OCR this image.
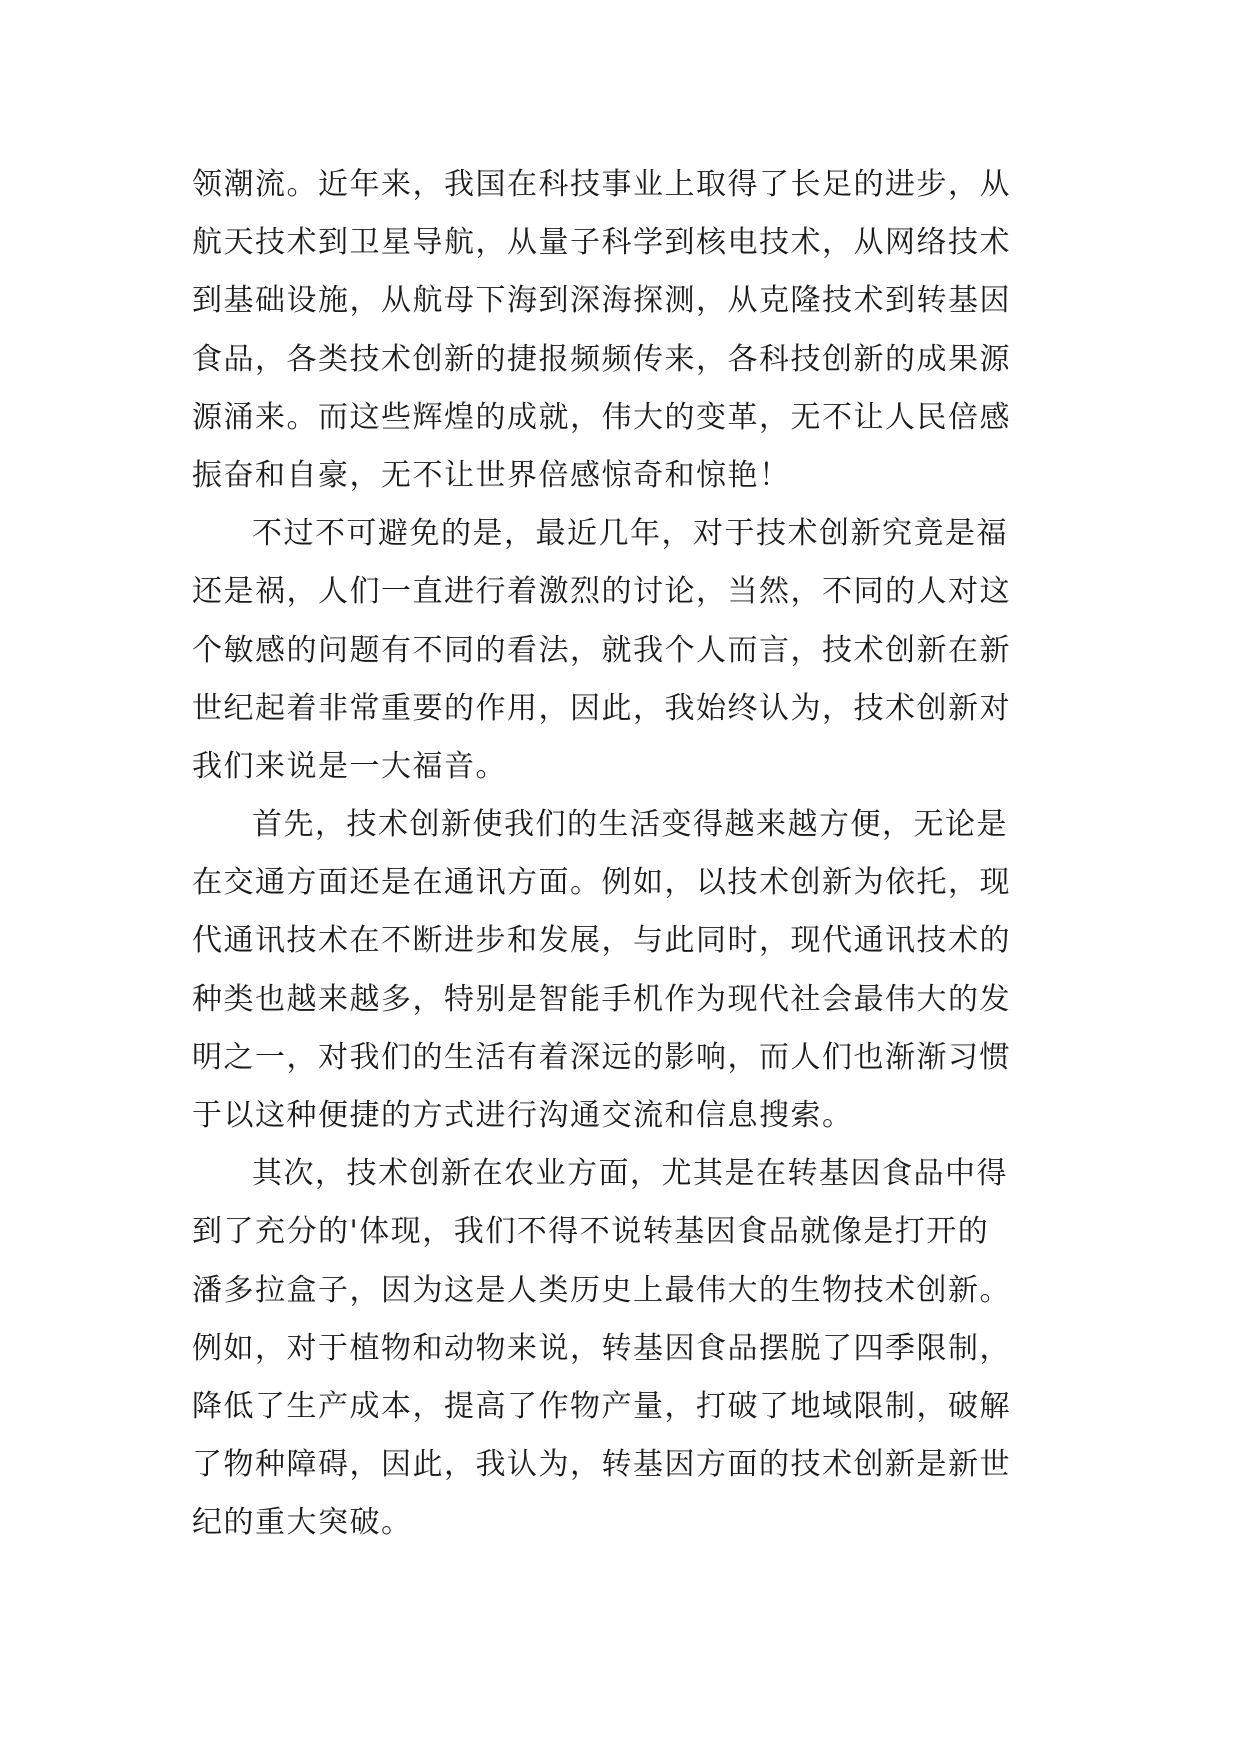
领潮流。近年来，我国在科技事业上取得了长足的进步，从
航天技术到卫星导航，从量子科学到核电技术，从网络技术
到基础设施，从航母下海到深海探测，从克隆技术到转基因
食品，各类技术创新的捷报频频传来，各科技创新的成果源
源涌来。而这些辉煌的成就，伟大的变革，无不让人民倍感
振奋和自豪，无不让世界倍感惊奇和惊艳！
不过不可避免的是，最近几年，对于技术创新究竟是福
还是祸，人们一直进行着激烈的讨论，当然，不同的人对这
个敏感的问题有不同的看法，就我个人而言，技术创新在新
世纪起着非常重要的作用，因此，我始终认为，技术创新对
我们来说是一大福音。
首先，技术创新使我们的生活变得越来越方便，无论是
在交通方面还是在通讯方面。例如，以技术创新为依托，现
代通讯技术在不断进步和发展，与此同时，现代通讯技术的
种类也越来越多，特别是智能手机作为现代社会最伟大的发
明之一，对我们的生活有着深远的影响，而人们也渐渐习惯
于以这种便捷的方式进行沟通交流和信息搜索。
其次，技术创新在农业方面，尤其是在转基因食品中得
到了充分的'体现，我们不得不说转基因食品就像是打开的
潘多拉盒子，因为这是人类历史上最伟大的生物技术创新。
例如，对于植物和动物来说，转基因食品摆脱了四季限制，
降低了生产成本，提高了作物产量，打破了地域限制，破解
了物种障碍，因此，我认为，转基因方面的技术创新是新世
纪的重大突破。
